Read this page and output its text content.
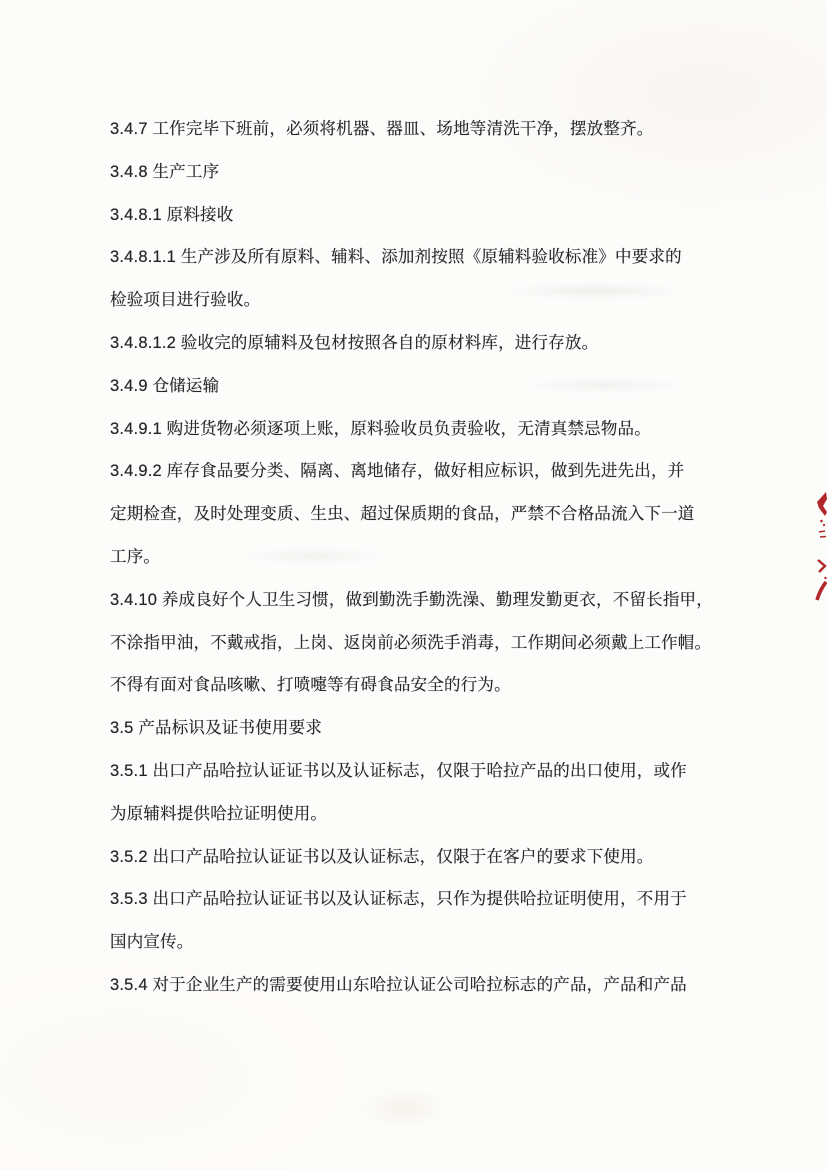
3.4.7 工作完毕下班前，必须将机器、器皿、场地等清洗干净，摆放整齐。
3.4.8 生产工序
3.4.8.1 原料接收
3.4.8.1.1 生产涉及所有原料、辅料、添加剂按照《原辅料验收标准》中要求的
检验项目进行验收。
3.4.8.1.2 验收完的原辅料及包材按照各自的原材料库，进行存放。
3.4.9 仓储运输
3.4.9.1 购进货物必须逐项上账，原料验收员负责验收，无清真禁忌物品。
3.4.9.2 库存食品要分类、隔离、离地储存，做好相应标识，做到先进先出，并
定期检查，及时处理变质、生虫、超过保质期的食品，严禁不合格品流入下一道
工序。
3.4.10 养成良好个人卫生习惯，做到勤洗手勤洗澡、勤理发勤更衣，不留长指甲，
不涂指甲油，不戴戒指，上岗、返岗前必须洗手消毒，工作期间必须戴上工作帽。
不得有面对食品咳嗽、打喷嚏等有碍食品安全的行为。
3.5 产品标识及证书使用要求
3.5.1 出口产品哈拉认证证书以及认证标志，仅限于哈拉产品的出口使用，或作
为原辅料提供哈拉证明使用。
3.5.2 出口产品哈拉认证证书以及认证标志，仅限于在客户的要求下使用。
3.5.3 出口产品哈拉认证证书以及认证标志，只作为提供哈拉证明使用，不用于
国内宣传。
3.5.4 对于企业生产的需要使用山东哈拉认证公司哈拉标志的产品，产品和产品
